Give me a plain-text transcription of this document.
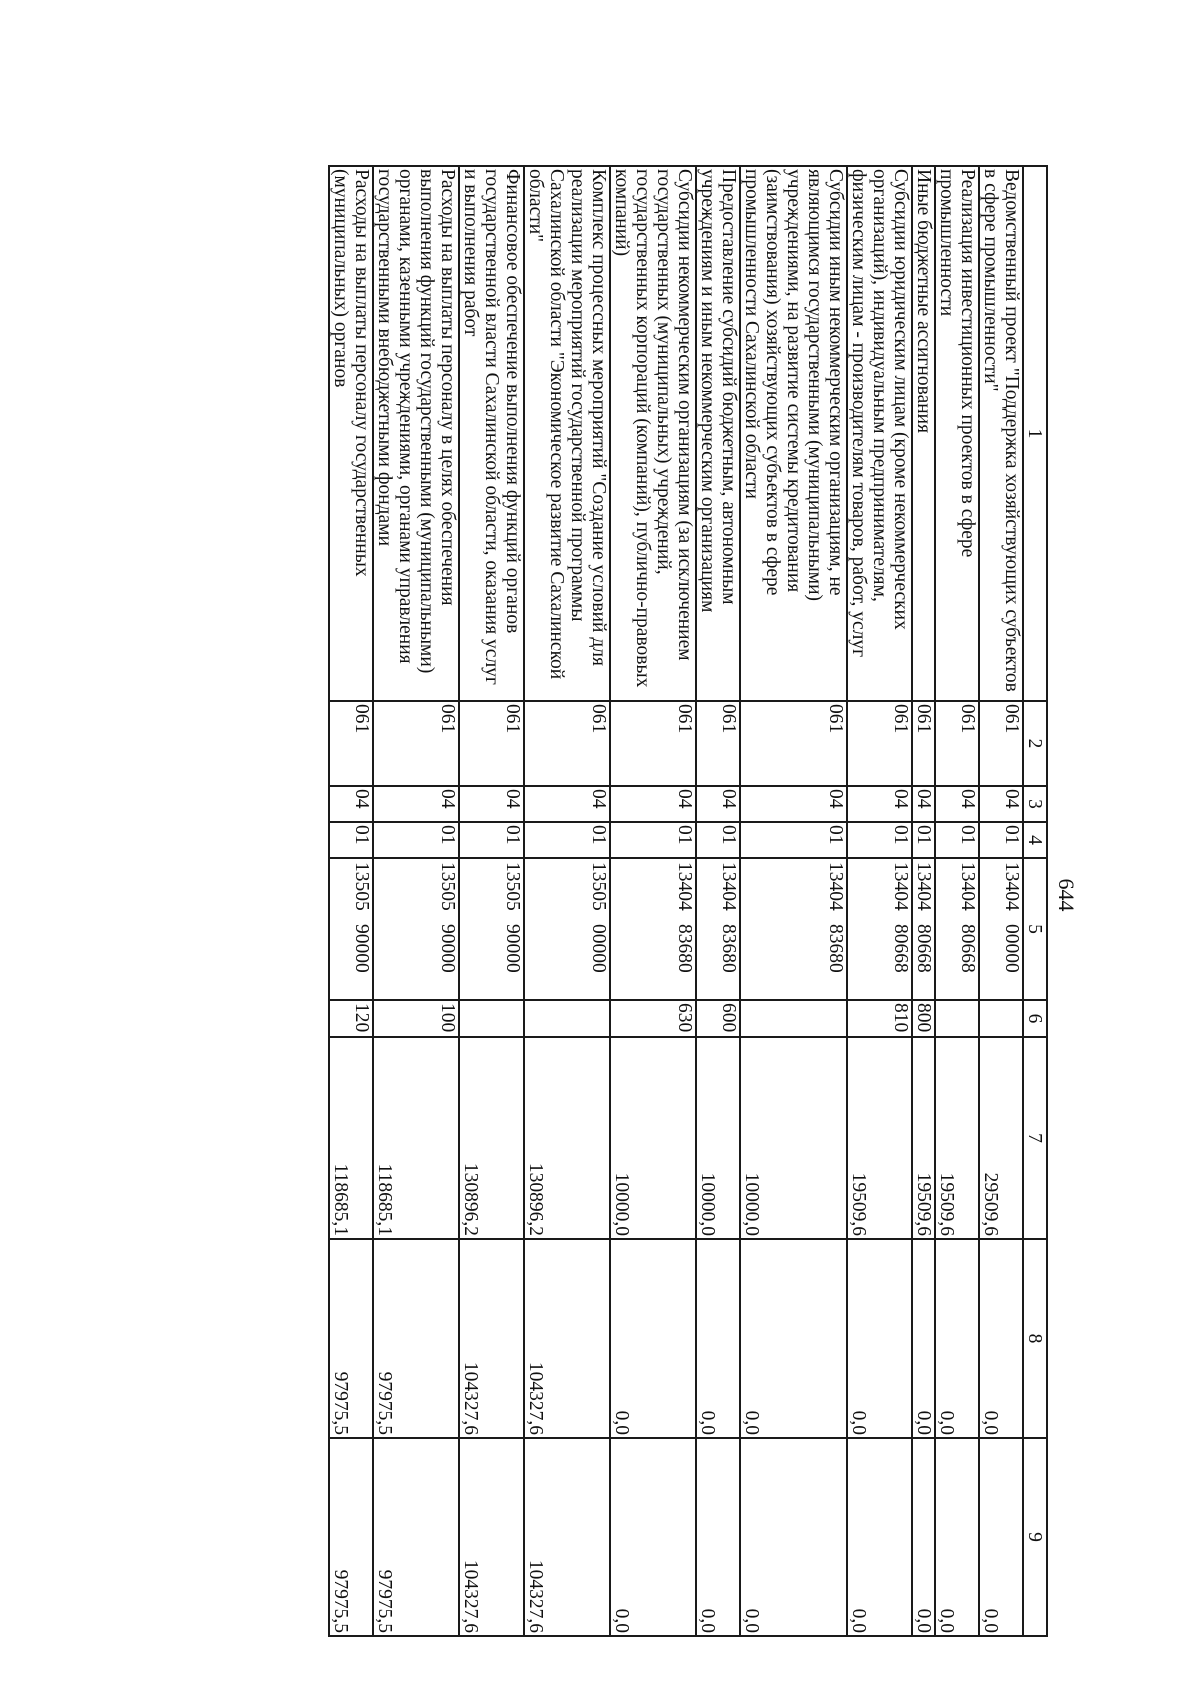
644
1	2	3	4	5	6	7	8	9
Ведомственный проект "Поддержка хозяйствующих субъектов в сфере промышленности"	061	04	01	1340400000		29509,6	0,0	0,0
Реализация инвестиционных проектов в сфере промышленности	061	04	01	1340480668		19509,6	0,0	0,0
Иные бюджетные ассигнования	061	04	01	1340480668	800	19509,6	0,0	0,0
Субсидии юридическим лицам (кроме некоммерческих организаций), индивидуальным предпринимателям, физическим лицам - производителям товаров, работ, услуг	061	04	01	1340480668	810	19509,6	0,0	0,0
Субсидии иным некоммерческим организациям, не являющимся государственными (муниципальными) учреждениями, на развитие системы кредитования (заимствования) хозяйствующих субъектов в сфере промышленности Сахалинской области	061	04	01	1340483680		10000,0	0,0	0,0
Предоставление субсидий бюджетным, автономным учреждениям и иным некоммерческим организациям	061	04	01	1340483680	600	10000,0	0,0	0,0
Субсидии некоммерческим организациям (за исключением государственных (муниципальных) учреждений, государственных корпораций (компаний), публично-правовых компаний)	061	04	01	1340483680	630	10000,0	0,0	0,0
Комплекс процессных мероприятий "Создание условий для реализации мероприятий государственной программы Сахалинской области "Экономическое развитие Сахалинской области"	061	04	01	1350500000		130896,2	104327,6	104327,6
Финансовое обеспечение выполнения функций органов государственной власти Сахалинской области, оказания услуг и выполнения работ	061	04	01	1350590000		130896,2	104327,6	104327,6
Расходы на выплаты персоналу в целях обеспечения выполнения функций государственными (муниципальными) органами, казенными учреждениями, органами управления государственными внебюджетными фондами	061	04	01	1350590000	100	118685,1	97975,5	97975,5
Расходы на выплаты персоналу государственных (муниципальных) органов	061	04	01	1350590000	120	118685,1	97975,5	97975,5
